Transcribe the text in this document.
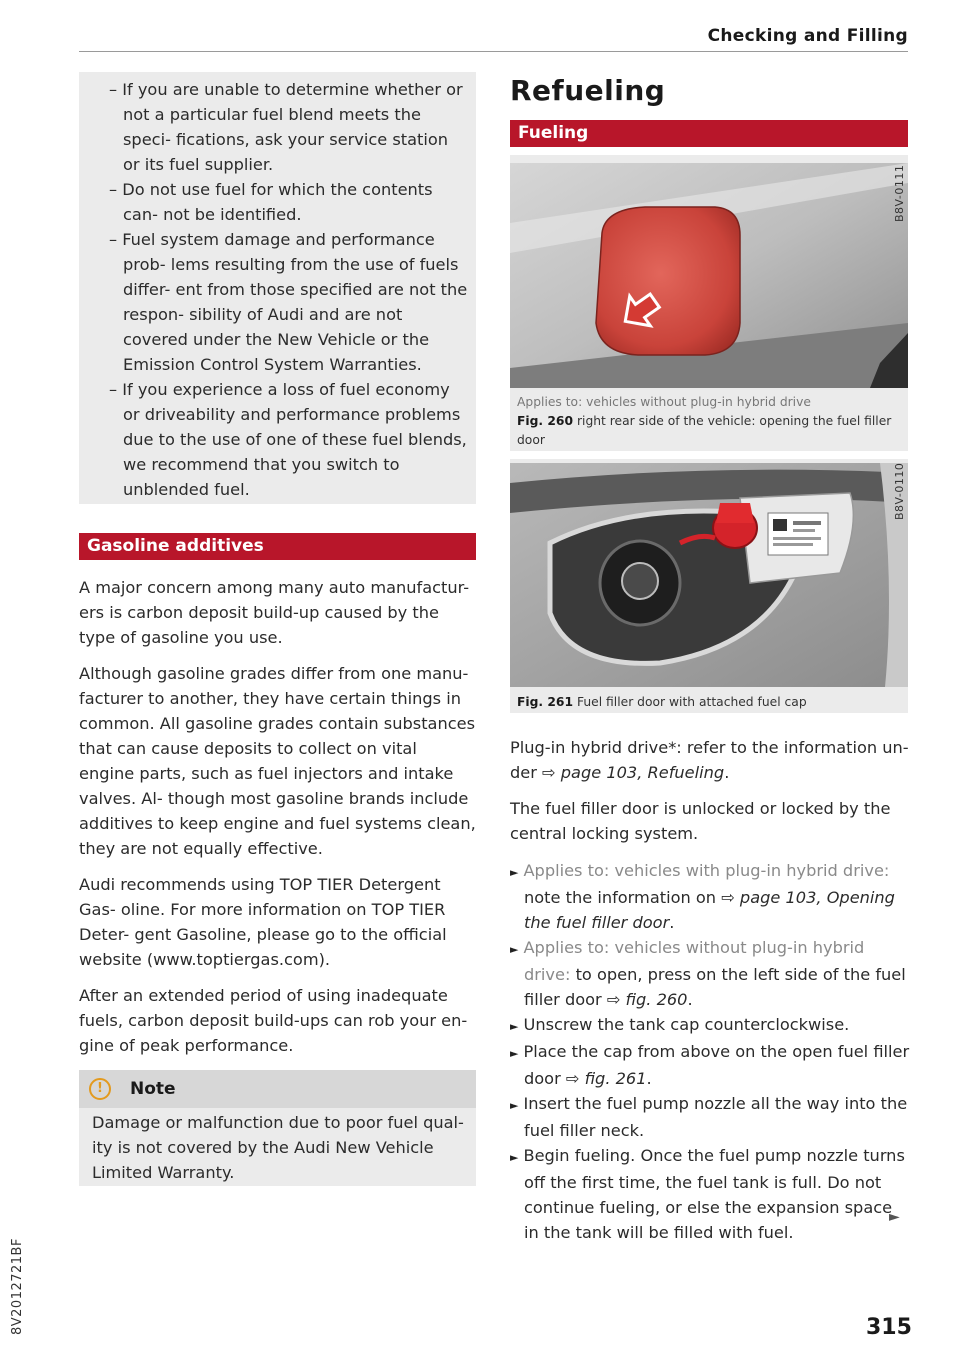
Checking and Filling
– If you are unable to determine whether or not a particular fuel blend meets the speci- fications, ask your service station or its fuel supplier.
– Do not use fuel for which the contents can- not be identified.
– Fuel system damage and performance prob- lems resulting from the use of fuels differ- ent from those specified are not the respon- sibility of Audi and are not covered under the New Vehicle or the Emission Control System Warranties.
– If you experience a loss of fuel economy or driveability and performance problems due to the use of one of these fuel blends, we recommend that you switch to unblended fuel.
Gasoline additives

A major concern among many auto manufactur- ers is carbon deposit build-up caused by the type of gasoline you use.

Although gasoline grades differ from one manu- facturer to another, they have certain things in common. All gasoline grades contain substances that can cause deposits to collect on vital engine parts, such as fuel injectors and intake valves. Al- though most gasoline brands include additives to keep engine and fuel systems clean, they are not equally effective.

Audi recommends using TOP TIER Detergent Gas- oline. For more information on TOP TIER Deter- gent Gasoline, please go to the official website (www.toptiergas.com).

After an extended period of using inadequate fuels, carbon deposit build-ups can rob your en- gine of peak performance.

!	Note

Damage or malfunction due to poor fuel qual- ity is not covered by the Audi New Vehicle Limited Warranty.

Refueling
Fueling
B8V-0111
Applies to: vehicles without plug-in hybrid drive
Fig. 260 right rear side of the vehicle: opening the fuel filler door
B8V-0110
Fig. 261 Fuel filler door with attached fuel cap

Plug-in hybrid drive*: refer to the information un- der ⇨ page 103, Refueling.

The fuel filler door is unlocked or locked by the central locking system.

► Applies to: vehicles with plug-in hybrid drive: note the information on ⇨ page 103, Opening the fuel filler door.
► Applies to: vehicles without plug-in hybrid drive: to open, press on the left side of the fuel filler door ⇨ fig. 260.
► Unscrew the tank cap counterclockwise.
► Place the cap from above on the open fuel filler door ⇨ fig. 261.
► Insert the fuel pump nozzle all the way into the fuel filler neck.
► Begin fueling. Once the fuel pump nozzle turns off the first time, the fuel tank is full. Do not continue fueling, or else the expansion space in the tank will be filled with fuel.
►
315
8V2012721BF
